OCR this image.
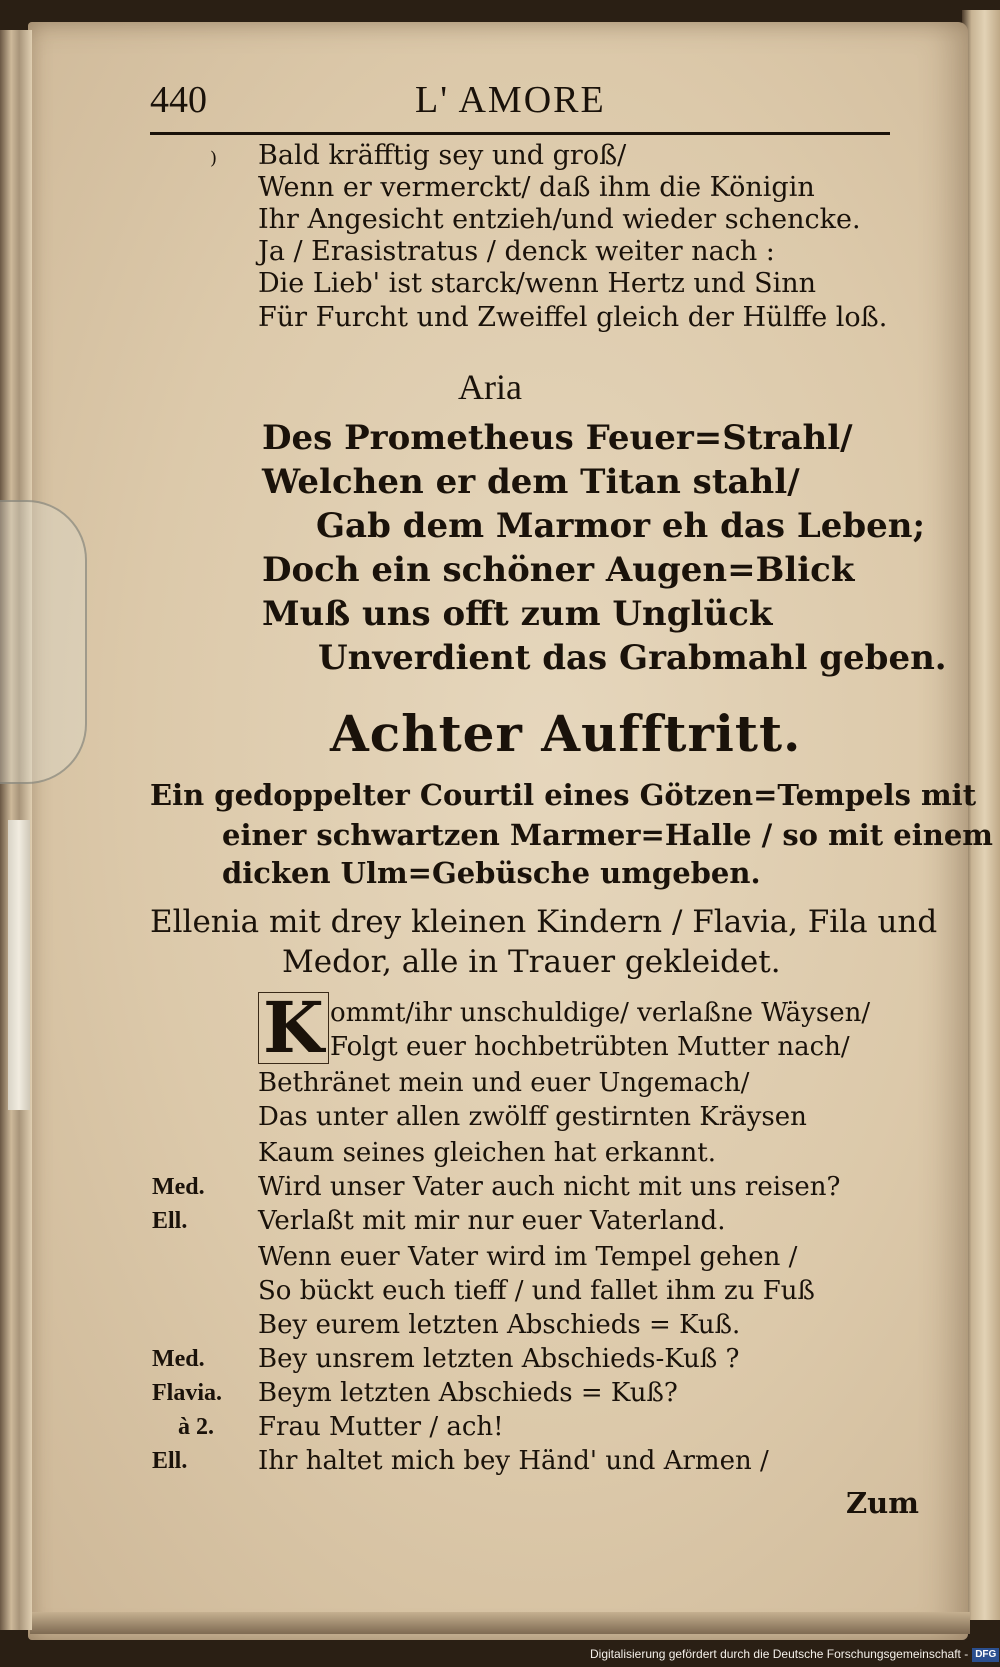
440	L' AMORE
) Bald kräfftig sey und groß/
Wenn er vermerckt/ daß ihm die Königin
Ihr Angesicht entzieh/und wieder schencke.
Ja / Erasistratus / denck weiter nach :
Die Lieb' ist starck/wenn Hertz und Sinn
Für Furcht und Zweiffel gleich der Hülffe loß.
Aria
Des Prometheus Feuer=Strahl/
Welchen er dem Titan stahl/
Gab dem Marmor eh das Leben;
Doch ein schöner Augen=Blick
Muß uns offt zum Unglück
Unverdient das Grabmahl geben.
Achter Aufftritt.
Ein gedoppelter Courtil eines Götzen=Tempels mit
einer schwartzen Marmer=Halle / so mit einem
dicken Ulm=Gebüsche umgeben.
Ellenia mit drey kleinen Kindern / Flavia, Fila und
Medor, alle in Trauer gekleidet.
K ommt/ihr unschuldige/ verlaßne Wäysen/
Folgt euer hochbetrübten Mutter nach/
Bethränet mein und euer Ungemach/
Das unter allen zwölff gestirnten Kräysen
Kaum seines gleichen hat erkannt.
Med. Wird unser Vater auch nicht mit uns reisen?
Ell.	Verlaßt mit mir nur euer Vaterland.
Wenn euer Vater wird im Tempel gehen /
So bückt euch tieff / und fallet ihm zu Fuß
Bey eurem letzten Abschieds = Kuß.
Med. Bey unsrem letzten Abschieds-Kuß ?
Flavia. Beym letzten Abschieds = Kuß?
à 2. Frau Mutter / ach!
Ell.	Ihr haltet mich bey Händ' und Armen /
Zum
Digitalisierung gefördert durch die Deutsche Forschungsgemeinschaft - DFG
